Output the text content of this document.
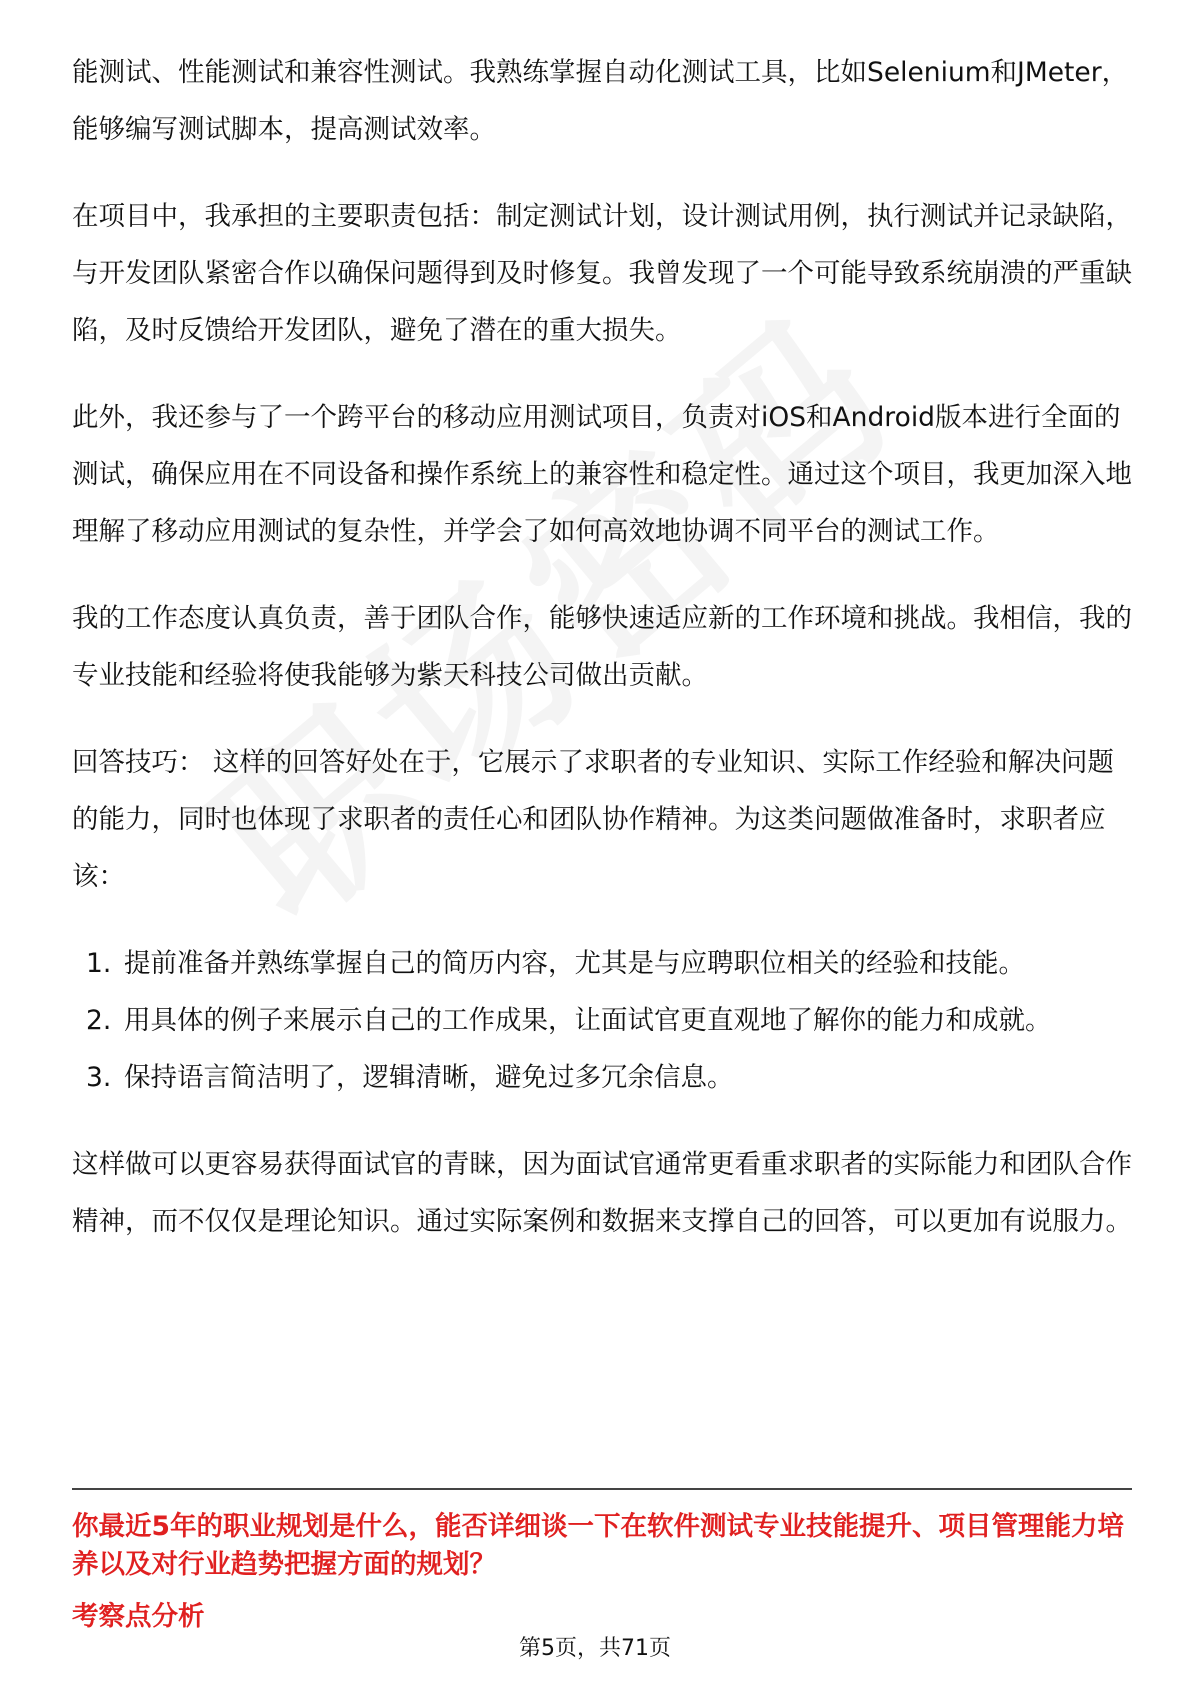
能测试、性能测试和兼容性测试。我熟练掌握自动化测试工具，比如Selenium和JMeter，能够编写测试脚本，提高测试效率。

在项目中，我承担的主要职责包括：制定测试计划，设计测试用例，执行测试并记录缺陷，与开发团队紧密合作以确保问题得到及时修复。我曾发现了一个可能导致系统崩溃的严重缺陷，及时反馈给开发团队，避免了潜在的重大损失。

此外，我还参与了一个跨平台的移动应用测试项目，负责对iOS和Android版本进行全面的测试，确保应用在不同设备和操作系统上的兼容性和稳定性。通过这个项目，我更加深入地理解了移动应用测试的复杂性，并学会了如何高效地协调不同平台的测试工作。

我的工作态度认真负责，善于团队合作，能够快速适应新的工作环境和挑战。我相信，我的专业技能和经验将使我能够为紫天科技公司做出贡献。

回答技巧： 这样的回答好处在于，它展示了求职者的专业知识、实际工作经验和解决问题的能力，同时也体现了求职者的责任心和团队协作精神。为这类问题做准备时，求职者应该：

1. 提前准备并熟练掌握自己的简历内容，尤其是与应聘职位相关的经验和技能。
2. 用具体的例子来展示自己的工作成果，让面试官更直观地了解你的能力和成就。
3. 保持语言简洁明了，逻辑清晰，避免过多冗余信息。

这样做可以更容易获得面试官的青睐，因为面试官通常更看重求职者的实际能力和团队合作精神，而不仅仅是理论知识。通过实际案例和数据来支撑自己的回答，可以更加有说服力。

你最近5年的职业规划是什么，能否详细谈一下在软件测试专业技能提升、项目管理能力培养以及对行业趋势把握方面的规划？

考察点分析

第5页，共71页
